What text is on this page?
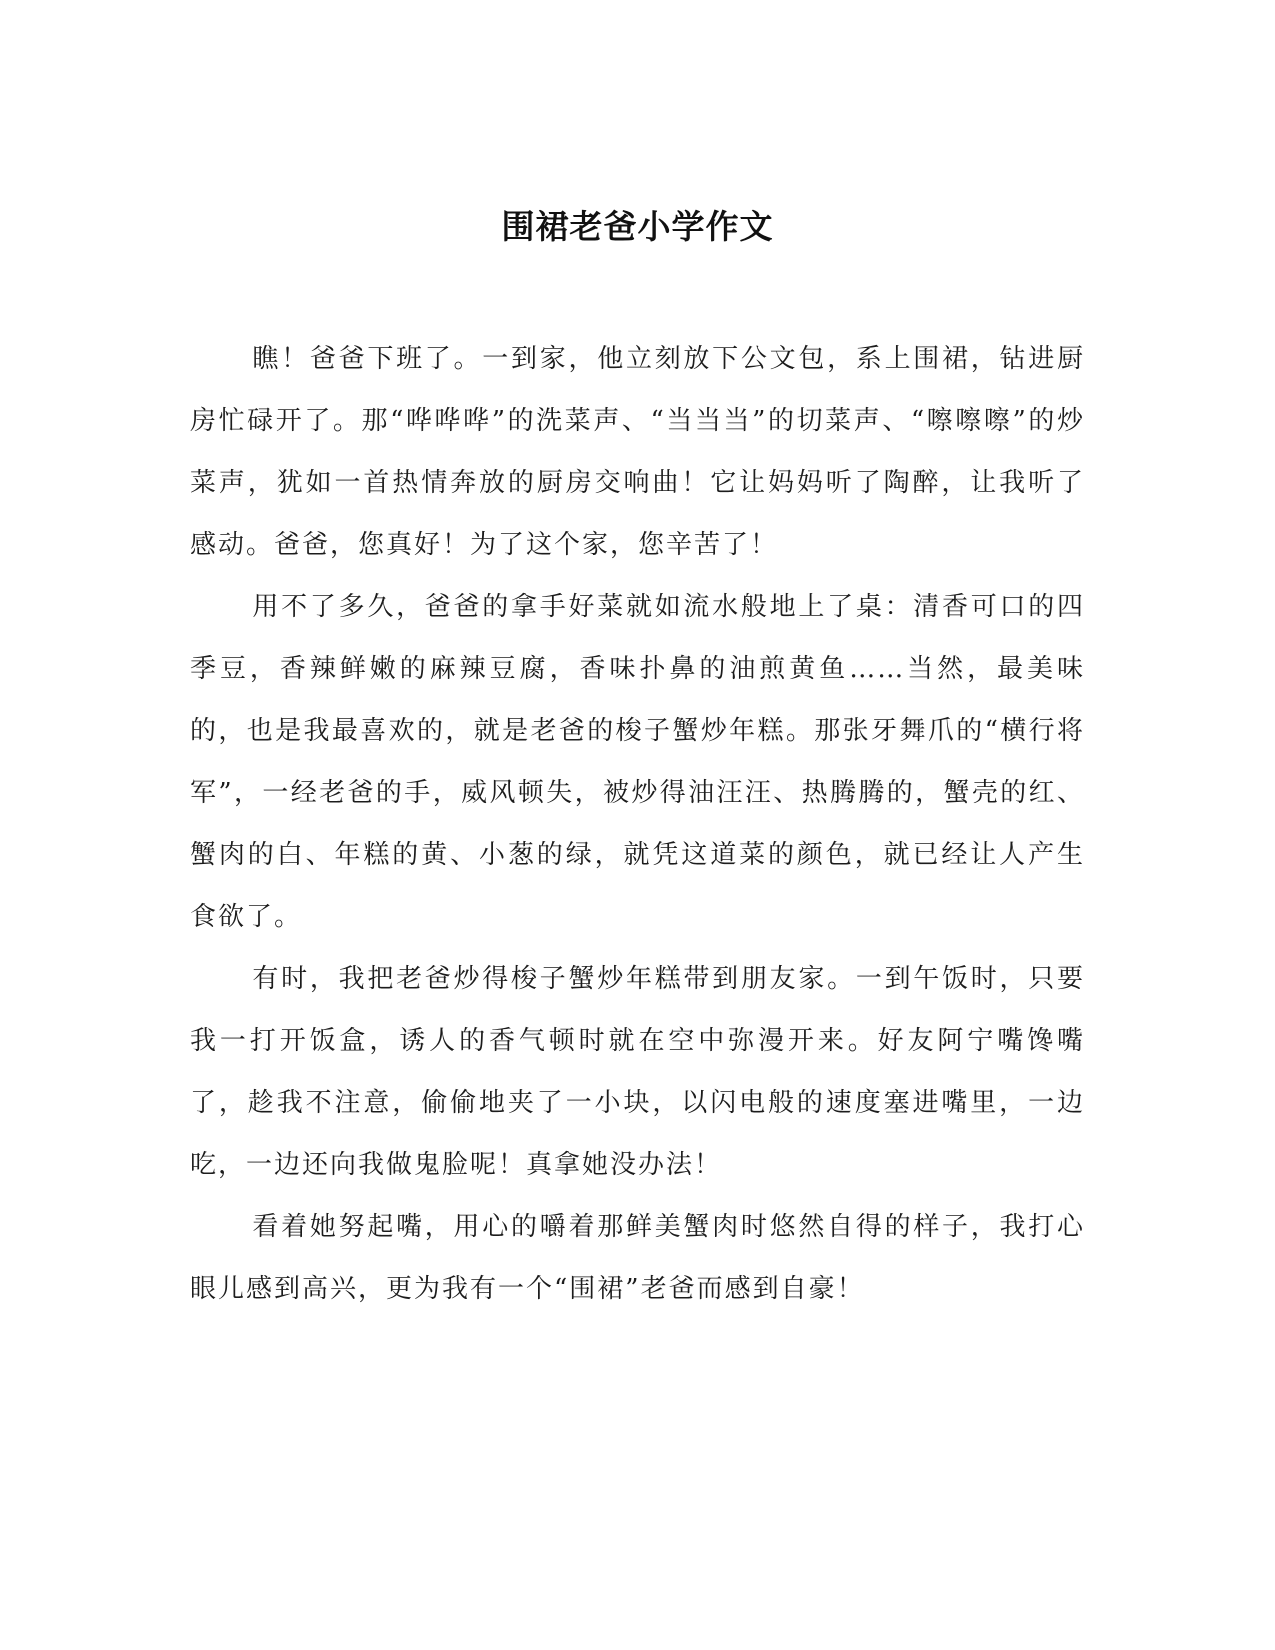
围裙老爸小学作文

瞧！爸爸下班了。一到家，他立刻放下公文包，系上围裙，钻进厨房忙碌开了。那“哗哗哗”的洗菜声、“当当当”的切菜声、“嚓嚓嚓”的炒菜声，犹如一首热情奔放的厨房交响曲！它让妈妈听了陶醉，让我听了感动。爸爸，您真好！为了这个家，您辛苦了！

用不了多久，爸爸的拿手好菜就如流水般地上了桌：清香可口的四季豆，香辣鲜嫩的麻辣豆腐，香味扑鼻的油煎黄鱼……当然，最美味的，也是我最喜欢的，就是老爸的梭子蟹炒年糕。那张牙舞爪的“横行将军”，一经老爸的手，威风顿失，被炒得油汪汪、热腾腾的，蟹壳的红、蟹肉的白、年糕的黄、小葱的绿，就凭这道菜的颜色，就已经让人产生食欲了。

有时，我把老爸炒得梭子蟹炒年糕带到朋友家。一到午饭时，只要我一打开饭盒，诱人的香气顿时就在空中弥漫开来。好友阿宁嘴馋嘴了，趁我不注意，偷偷地夹了一小块，以闪电般的速度塞进嘴里，一边吃，一边还向我做鬼脸呢！真拿她没办法！

看着她努起嘴，用心的嚼着那鲜美蟹肉时悠然自得的样子，我打心眼儿感到高兴，更为我有一个“围裙”老爸而感到自豪！
